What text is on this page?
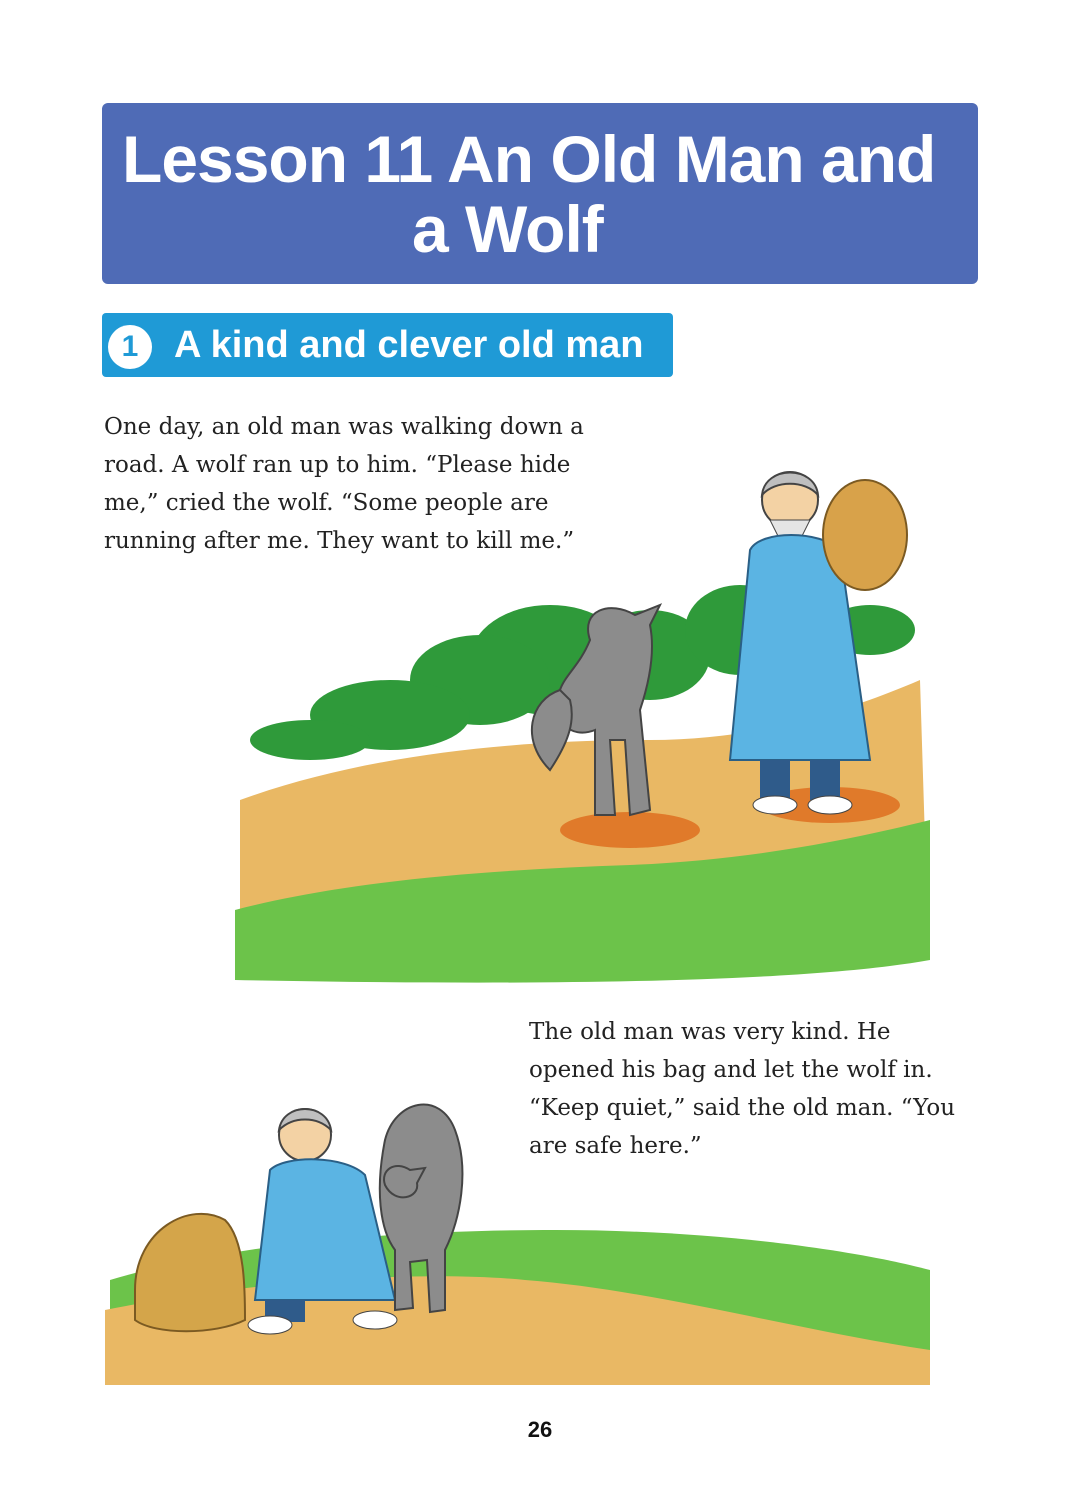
Lesson 11 An Old Man and
a Wolf
1 A kind and clever old man

One day, an old man was walking down a road. A wolf ran up to him. “Please hide me,” cried the wolf. “Some people are running after me. They want to kill me.”

The old man was very kind. He opened his bag and let the wolf in. “Keep quiet,” said the old man. “You are safe here.”

26
